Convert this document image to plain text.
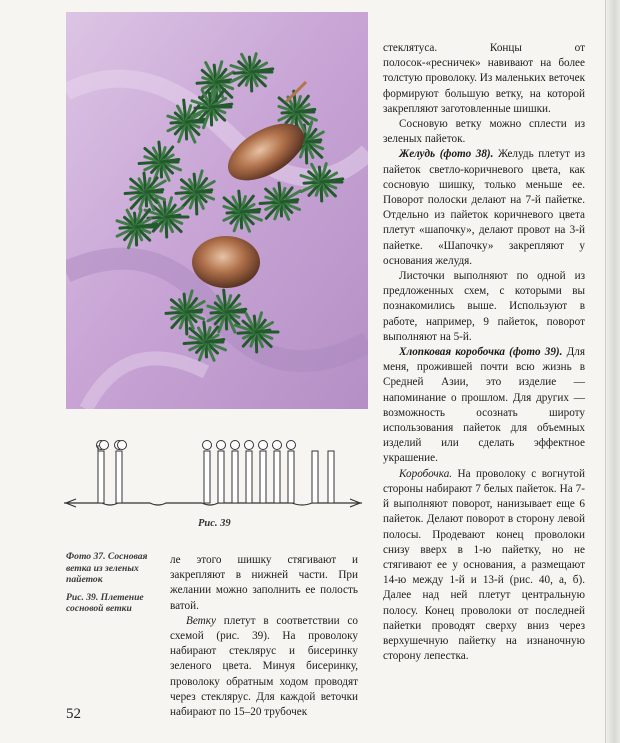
Рис. 39

Фото 37. Сосновая ветка из зеленых пайеток

Рис. 39. Плетение сосновой ветки

ле этого шишку стягивают и закрепляют в нижней части. При желании можно заполнить ее полость ватой.

Ветку плетут в соответствии со схемой (рис. 39). На проволоку набирают стеклярус и бисеринку зеленого цвета. Минуя бисеринку, проволоку обратным ходом проводят через стеклярус. Для каждой веточки набирают по 15–20 трубочек

стеклятуса. Концы от полосок-«ресничек» навивают на более толстую проволоку. Из маленьких веточек формируют большую ветку, на которой закрепляют заготовленные шишки.

Сосновую ветку можно сплести из зеленых пайеток.

Желудь (фото 38). Желудь плетут из пайеток светло-коричневого цвета, как сосновую шишку, только меньше ее. Поворот полоски делают на 7-й пайетке. Отдельно из пайеток коричневого цвета плетут «шапочку», делают провот на 3-й пайетке. «Шапочку» закрепляют у основания желудя.

Листочки выполняют по одной из предложенных схем, с которыми вы познакомились выше. Используют в работе, например, 9 пайеток, поворот выполняют на 5-й.

Хлопковая коробочка (фото 39). Для меня, прожившей почти всю жизнь в Средней Азии, это изделие — напоминание о прошлом. Для других — возможность осознать широту использования пайеток для объемных изделий или сделать эффектное украшение.

Коробочка. На проволоку с вогнутой стороны набирают 7 белых пайеток. На 7-й выполняют поворот, нанизывает еще 6 пайеток. Делают поворот в сторону левой полосы. Продевают конец проволоки снизу вверх в 1-ю пайетку, но не стягивают ее у основания, а размещают 14-ю между 1-й и 13-й (рис. 40, а, б). Далее над ней плетут центральную полосу. Конец проволоки от последней пайетки проводят сверху вниз через верхушечную пайетку на изнаночную сторону лепестка.

52
